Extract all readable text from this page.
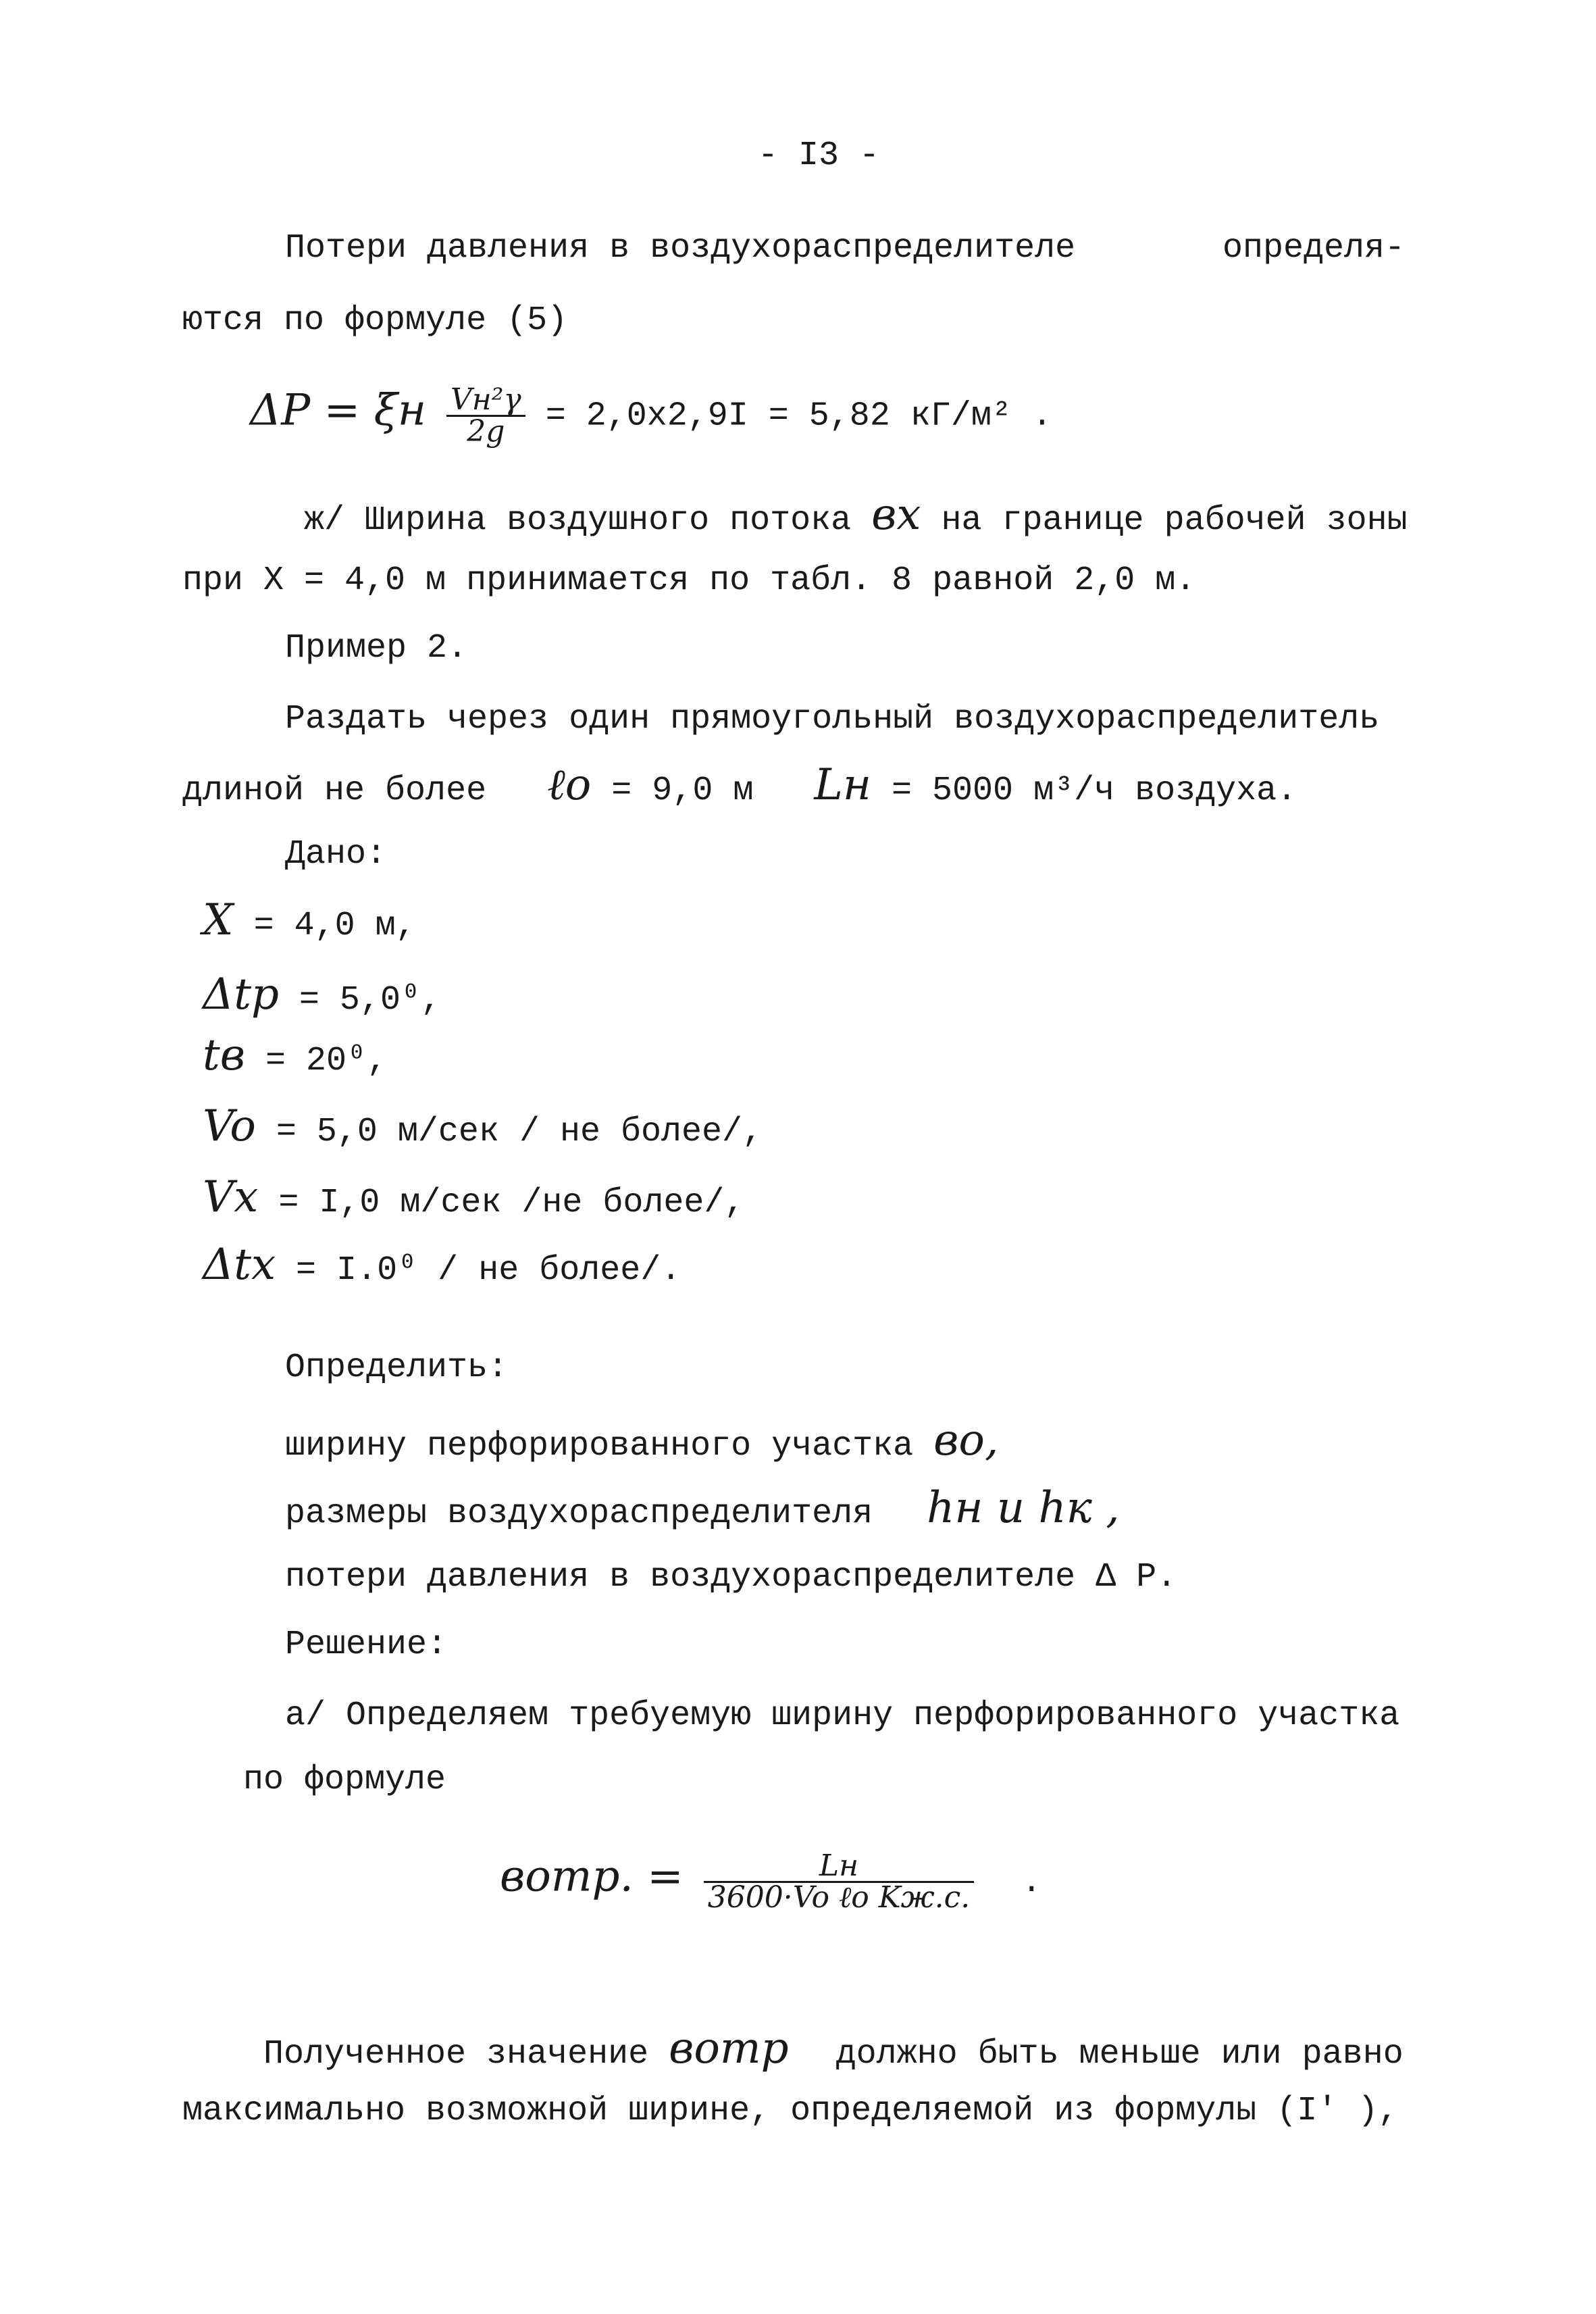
- I3 -
Потери давления в воздухораспределителе	определя-
ются по формуле (5)
ΔP = ξн $\frac{\text{Vн²γ}}{2g} = 2,0x2,9I = 5,82$ кГ/м² .
ж/ Ширина воздушного потока вх на границе рабочей зоны
при X = 4,0 м принимается по табл. 8 равной 2,0 м.
Пример 2.
Раздать через один прямоугольный воздухораспределитель
длиной не более ℓo = 9,0 м Lн = 5000 м³/ч воздуха.
Дано:
X = 4,0 м,
Δtр = 5,0⁰,
tв = 20⁰,
Vo = 5,0 м/сек / не более/,
Vх = I,0 м/сек /не более/,
Δtх = I.0⁰ / не более/.
Определить:
ширину перфорированного участка вo,
размеры воздухораспределителя hн и hк ,
потери давления в воздухораспределителе Δ P.
Решение:
а/ Определяем требуемую ширину перфорированного участка
по формуле
вoтр. = $\frac{Lн}{\text{3600·Vo ℓo Kж.с.}}$ .
Полученное значение вoтр должно быть меньше или равно
максимально возможной ширине, определяемой из формулы (I′ ),
